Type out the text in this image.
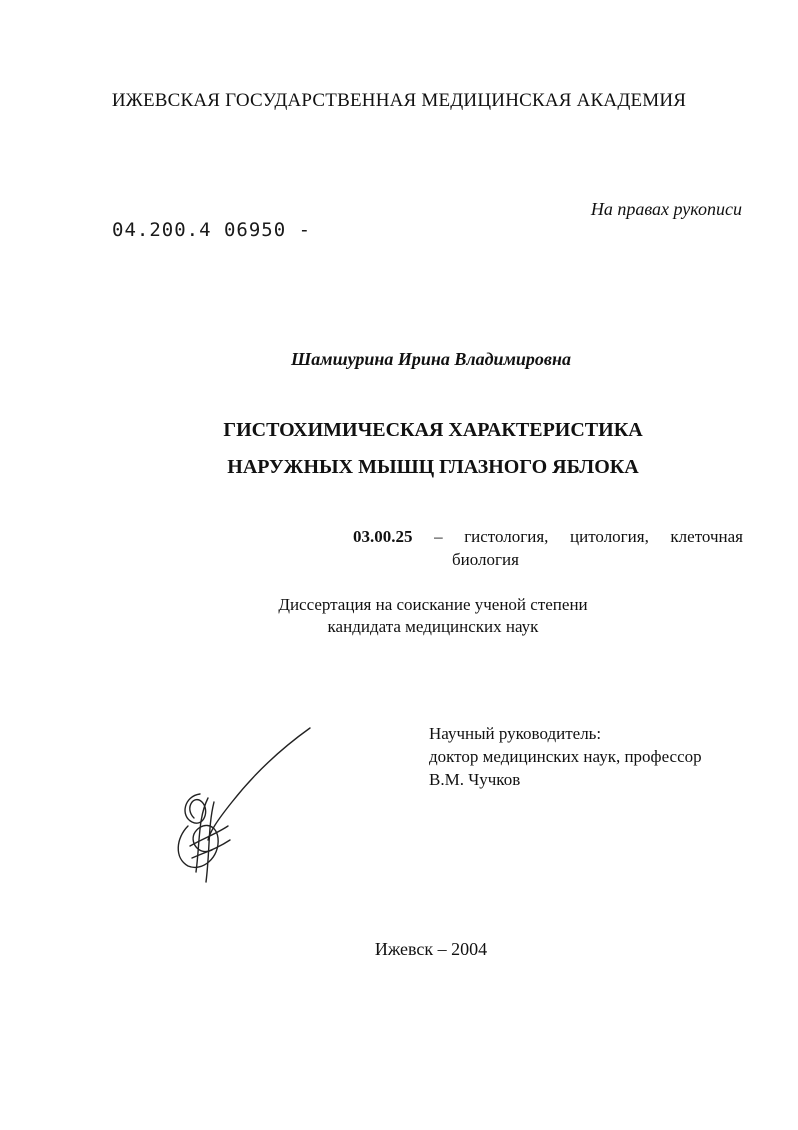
ИЖЕВСКАЯ ГОСУДАРСТВЕННАЯ МЕДИЦИНСКАЯ АКАДЕМИЯ
На правах рукописи
04.200.4 06950 -
Шамшурина Ирина Владимировна
ГИСТОХИМИЧЕСКАЯ ХАРАКТЕРИСТИКА
НАРУЖНЫХ МЫШЦ ГЛАЗНОГО ЯБЛОКА
03.00.25 – гистология, цитология, клеточная
биология
Диссертация на соискание ученой степени
кандидата медицинских наук
Научный руководитель:
доктор медицинских наук, профессор
В.М. Чучков
Ижевск – 2004
